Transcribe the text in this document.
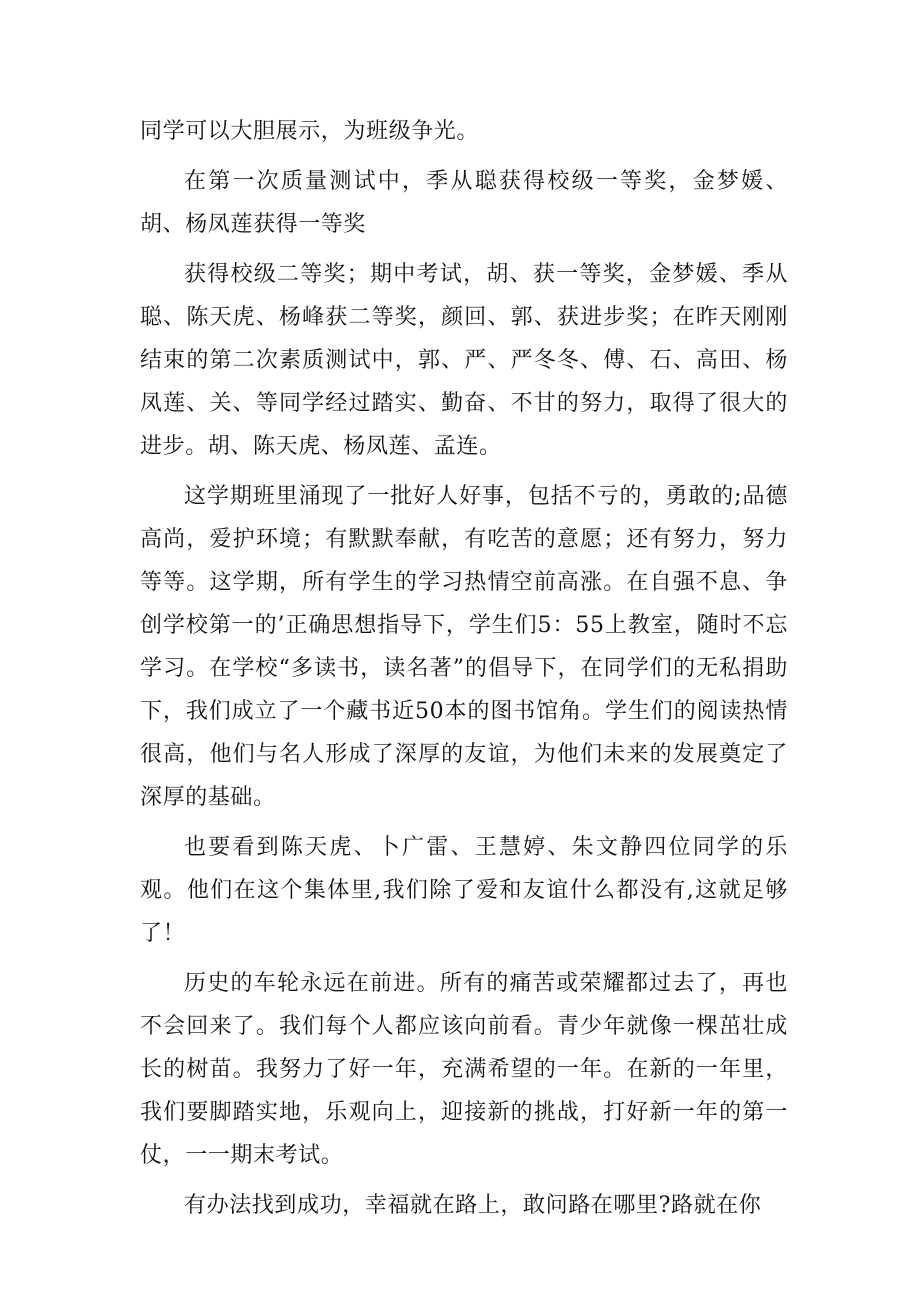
同学可以大胆展示，为班级争光。

在第一次质量测试中，季从聪获得校级一等奖，金梦媛、胡、杨凤莲获得一等奖

获得校级二等奖；期中考试，胡、获一等奖，金梦媛、季从聪、陈天虎、杨峰获二等奖，颜回、郭、获进步奖；在昨天刚刚结束的第二次素质测试中，郭、严、严冬冬、傅、石、高田、杨凤莲、关、等同学经过踏实、勤奋、不甘的努力，取得了很大的进步。胡、陈天虎、杨凤莲、孟连。

这学期班里涌现了一批好人好事，包括不亏的，勇敢的;品德高尚，爱护环境；有默默奉献，有吃苦的意愿；还有努力，努力等等。这学期，所有学生的学习热情空前高涨。在自强不息、争创学校第一的’正确思想指导下，学生们5：55上教室，随时不忘学习。在学校“多读书，读名著”的倡导下，在同学们的无私捐助下，我们成立了一个藏书近50本的图书馆角。学生们的阅读热情很高，他们与名人形成了深厚的友谊，为他们未来的发展奠定了深厚的基础。

也要看到陈天虎、卜广雷、王慧婷、朱文静四位同学的乐观。他们在这个集体里,我们除了爱和友谊什么都没有,这就足够了！

历史的车轮永远在前进。所有的痛苦或荣耀都过去了，再也不会回来了。我们每个人都应该向前看。青少年就像一棵茁壮成长的树苗。我努力了好一年，充满希望的一年。在新的一年里，我们要脚踏实地，乐观向上，迎接新的挑战，打好新一年的第一仗，一一期末考试。

有办法找到成功，幸福就在路上，敢问路在哪里?路就在你
